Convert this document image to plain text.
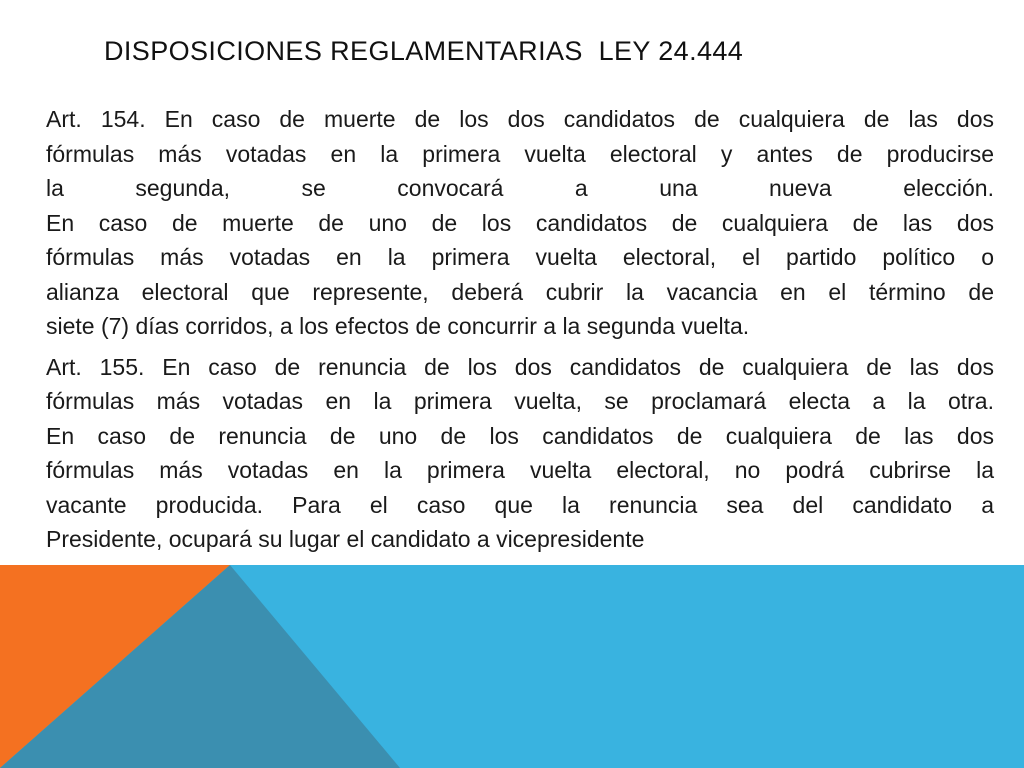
DISPOSICIONES REGLAMENTARIAS  LEY 24.444
Art. 154. En caso de muerte de los dos candidatos de cualquiera de las dos
fórmulas más votadas en la primera vuelta electoral y antes de producirse
la segunda, se convocará a una nueva elección.
En caso de muerte de uno de los candidatos de cualquiera de las dos
fórmulas más votadas en la primera vuelta electoral, el partido político o
alianza electoral que represente, deberá cubrir la vacancia en el término de
siete (7) días corridos, a los efectos de concurrir a la segunda vuelta.
Art. 155. En caso de renuncia de los dos candidatos de cualquiera de las dos
fórmulas más votadas en la primera vuelta, se proclamará electa a la otra.
En caso de renuncia de uno de los candidatos de cualquiera de las dos
fórmulas más votadas en la primera vuelta electoral, no podrá cubrirse la
vacante producida. Para el caso que la renuncia sea del candidato a
Presidente, ocupará su lugar el candidato a vicepresidente
